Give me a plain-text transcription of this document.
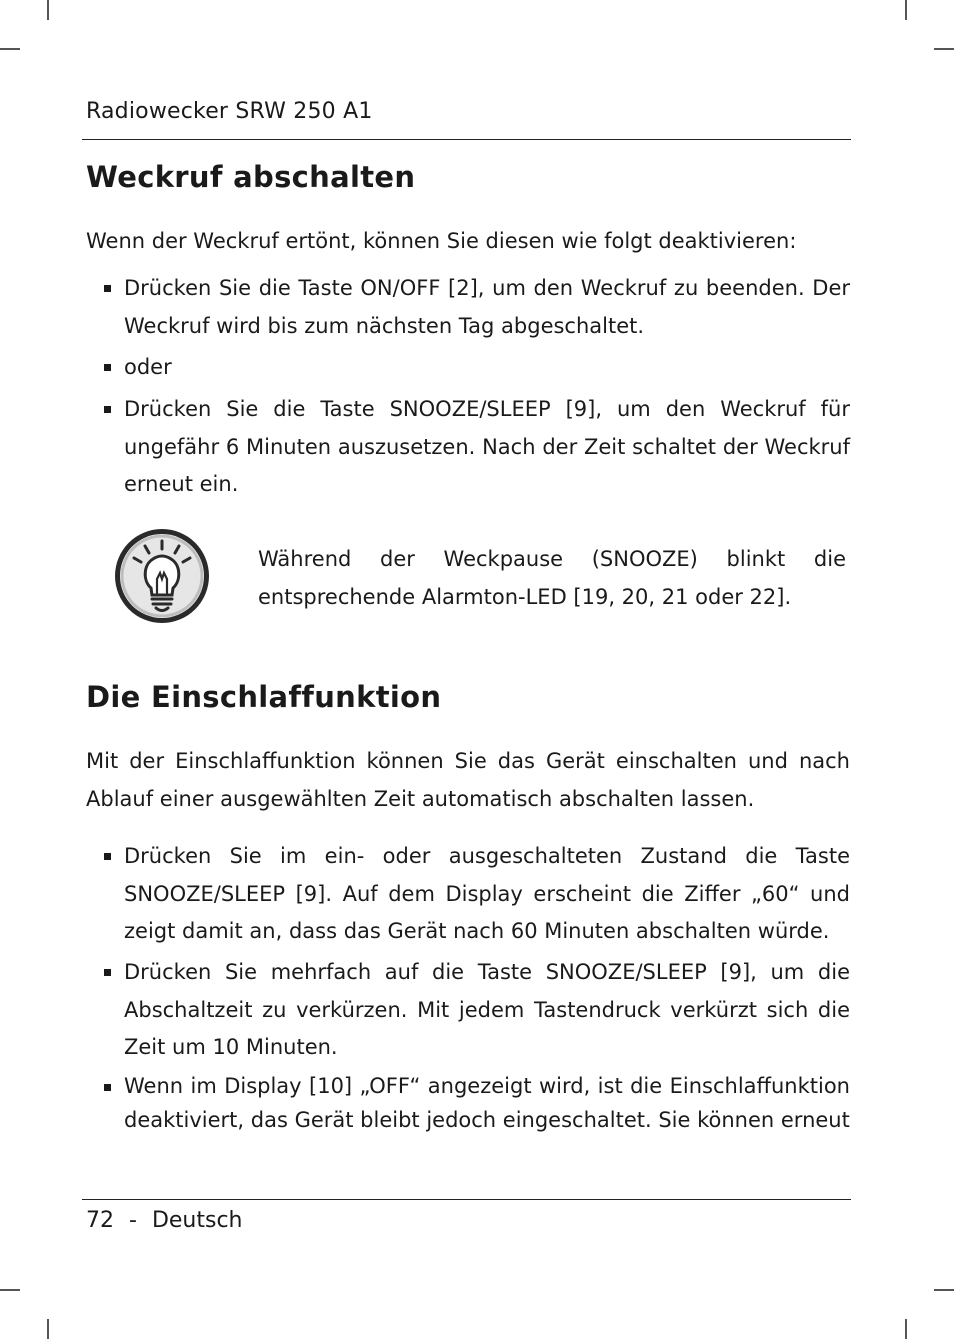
Radiowecker SRW 250 A1
Weckruf abschalten

Wenn der Weckruf ertönt, können Sie diesen wie folgt deaktivieren:

Drücken Sie die Taste ON/OFF [2], um den Weckruf zu beenden. Der Weckruf wird bis zum nächsten Tag abgeschaltet.
oder
Drücken Sie die Taste SNOOZE/SLEEP [9], um den Weckruf für ungefähr 6 Minuten auszusetzen. Nach der Zeit schaltet der Weckruf erneut ein.

Während der Weckpause (SNOOZE) blinkt die entsprechende Alarmton-LED [19, 20, 21 oder 22].

Die Einschlaffunktion

Mit der Einschlaffunktion können Sie das Gerät einschalten und nach Ablauf einer ausgewählten Zeit automatisch abschalten lassen.

Drücken Sie im ein- oder ausgeschalteten Zustand die Taste SNOOZE/SLEEP [9]. Auf dem Display erscheint die Ziffer „60“ und zeigt damit an, dass das Gerät nach 60 Minuten abschalten würde.
Drücken Sie mehrfach auf die Taste SNOOZE/SLEEP [9], um die Abschaltzeit zu verkürzen. Mit jedem Tastendruck verkürzt sich die Zeit um 10 Minuten.
Wenn im Display [10] „OFF“ angezeigt wird, ist die Einschlaffunktion deaktiviert, das Gerät bleibt jedoch eingeschaltet. Sie können erneut
72 - Deutsch
